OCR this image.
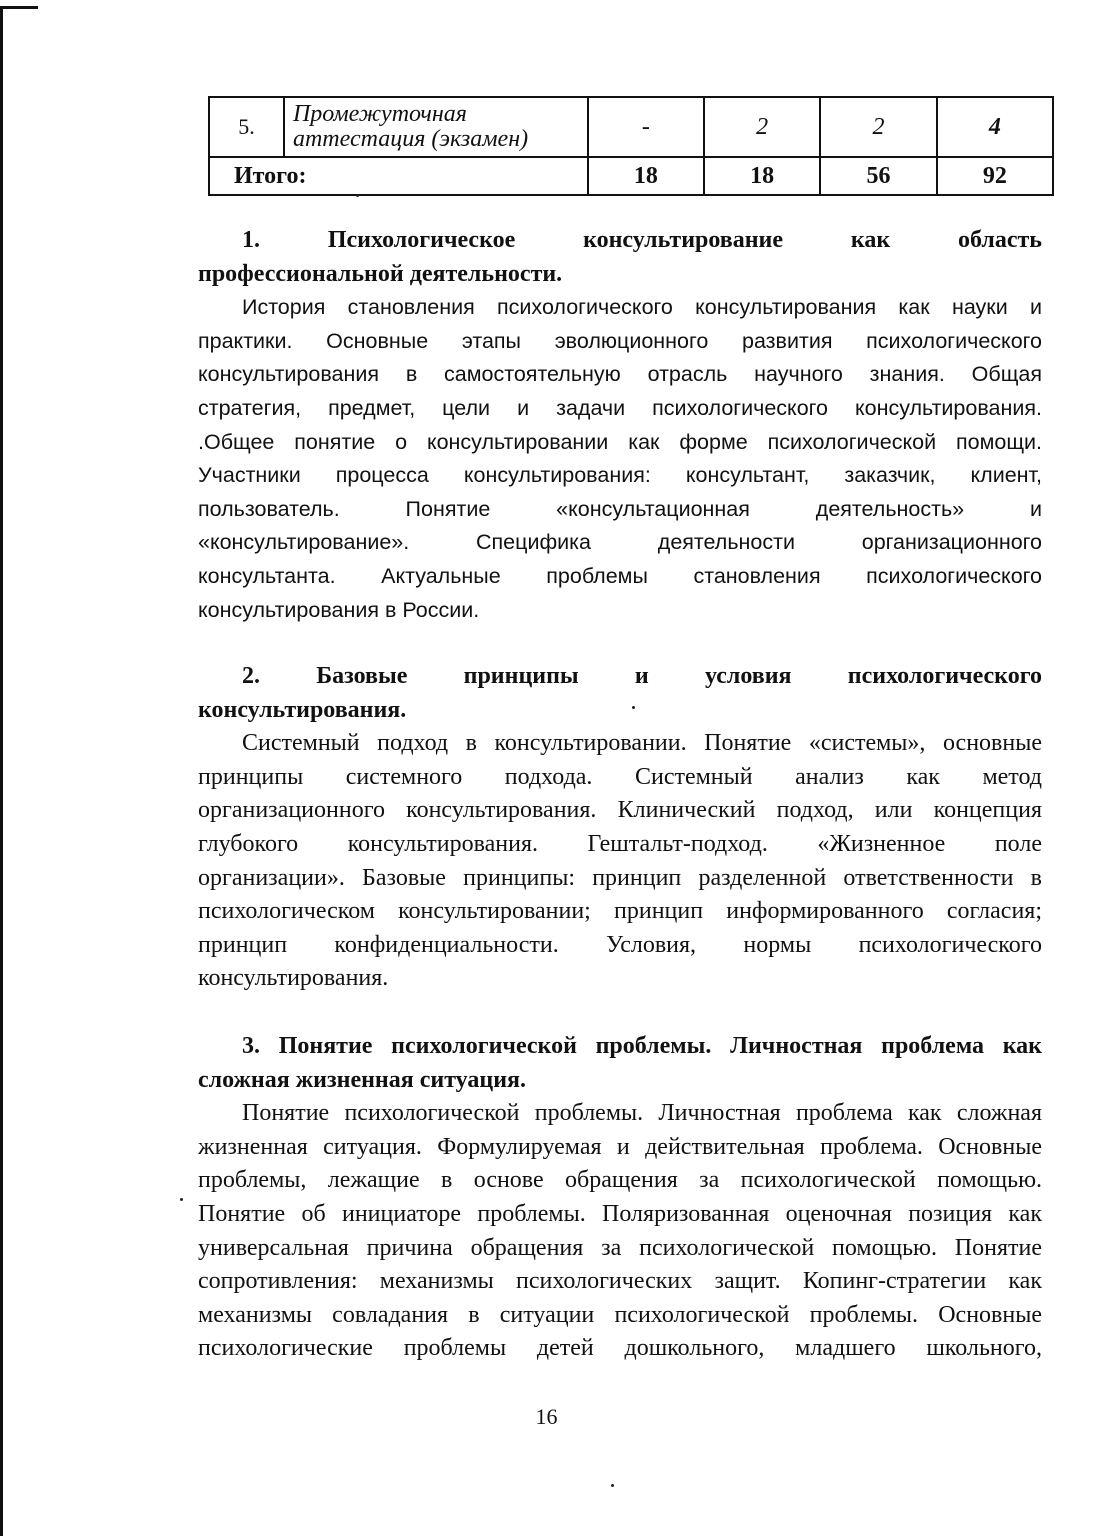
5.	Промежуточная
аттестация (экзамен)	-	2	2	4
Итого:		18	18	56	92
1. Психологическое консультирование как область
профессиональной деятельности.
История становления психологического консультирования как науки и
практики. Основные этапы эволюционного развития психологического
консультирования в самостоятельную отрасль научного знания. Общая
стратегия, предмет, цели и задачи психологического консультирования.
.Общее понятие о консультировании как форме психологической помощи.
Участники процесса консультирования: консультант, заказчик, клиент,
пользователь. Понятие «консультационная деятельность» и
«консультирование». Специфика деятельности организационного
консультанта. Актуальные проблемы становления психологического
консультирования в России.
2. Базовые принципы и условия психологического
консультирования.
Системный подход в консультировании. Понятие «системы», основные
принципы системного подхода. Системный анализ как метод
организационного консультирования. Клинический подход, или концепция
глубокого консультирования. Гештальт-подход. «Жизненное поле
организации». Базовые принципы: принцип разделенной ответственности в
психологическом консультировании; принцип информированного согласия;
принцип конфиденциальности. Условия, нормы психологического
консультирования.
3. Понятие психологической проблемы. Личностная проблема как
сложная жизненная ситуация.
Понятие психологической проблемы. Личностная проблема как сложная
жизненная ситуация. Формулируемая и действительная проблема. Основные
проблемы, лежащие в основе обращения за психологической помощью.
Понятие об инициаторе проблемы. Поляризованная оценочная позиция как
универсальная причина обращения за психологической помощью. Понятие
сопротивления: механизмы психологических защит. Копинг-стратегии как
механизмы совладания в ситуации психологической проблемы. Основные
психологические проблемы детей дошкольного, младшего школьного,
16
